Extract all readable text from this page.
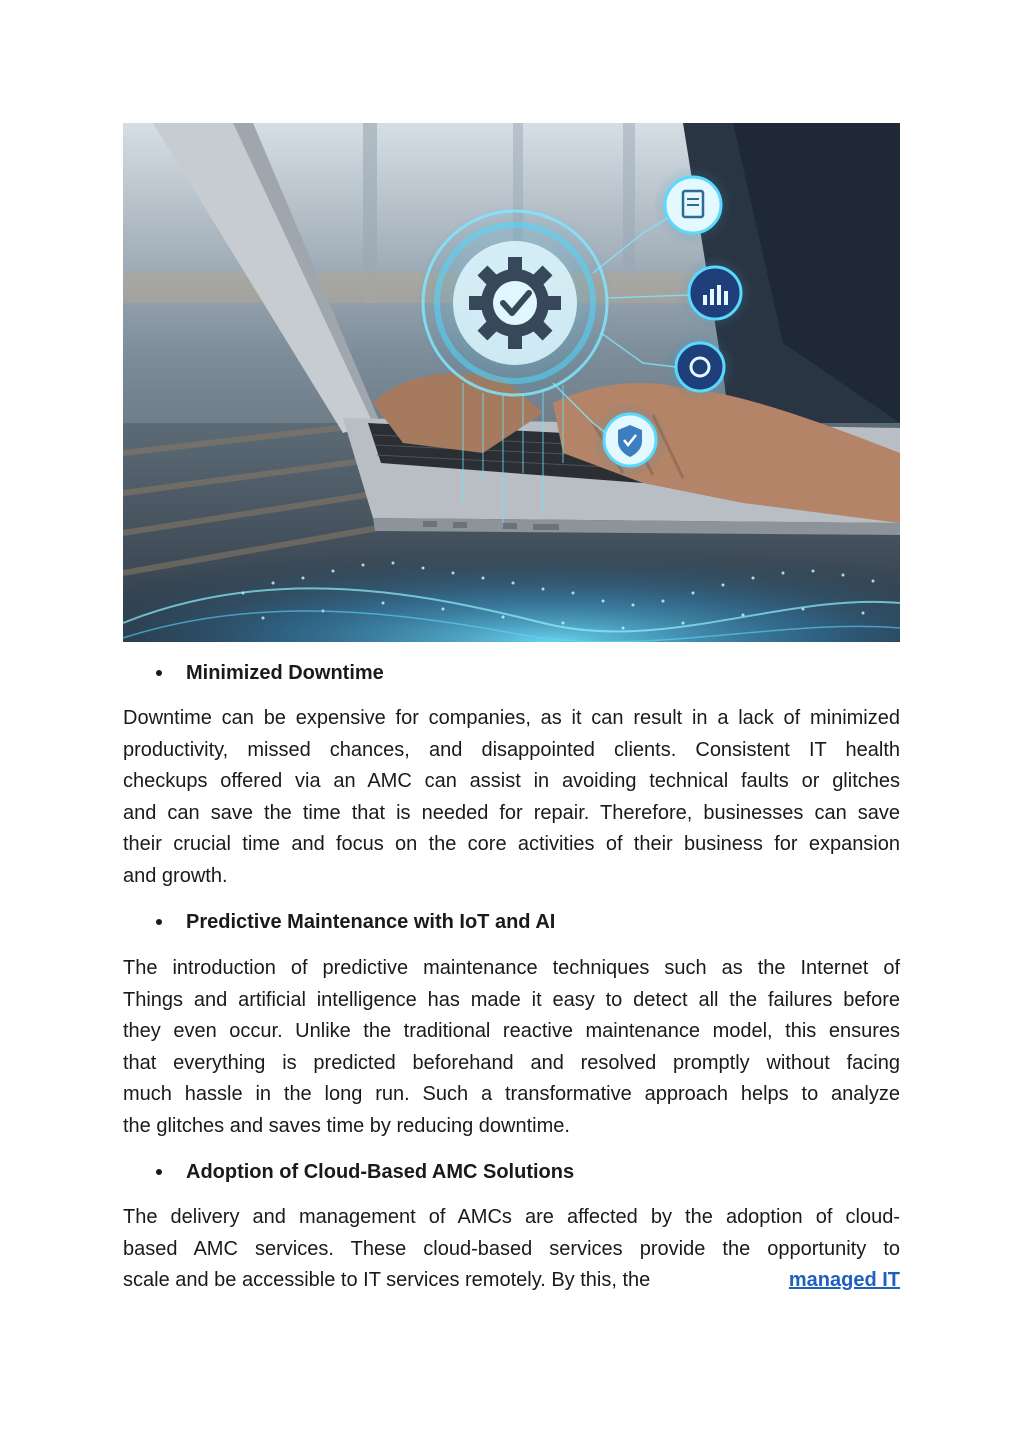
Minimized Downtime
Downtime can be expensive for companies, as it can result in a lack of minimized
productivity, missed chances, and disappointed clients. Consistent IT health
checkups offered via an AMC can assist in avoiding technical faults or glitches
and can save the time that is needed for repair. Therefore, businesses can save
their crucial time and focus on the core activities of their business for expansion
and growth.
Predictive Maintenance with IoT and AI
The introduction of predictive maintenance techniques such as the Internet of
Things and artificial intelligence has made it easy to detect all the failures before
they even occur. Unlike the traditional reactive maintenance model, this ensures
that everything is predicted beforehand and resolved promptly without facing
much hassle in the long run. Such a transformative approach helps to analyze
the glitches and saves time by reducing downtime.
Adoption of Cloud-Based AMC Solutions
The delivery and management of AMCs are affected by the adoption of cloud-
based AMC services. These cloud-based services provide the opportunity to
scale and be accessible to IT services remotely. By this, the	managed IT
